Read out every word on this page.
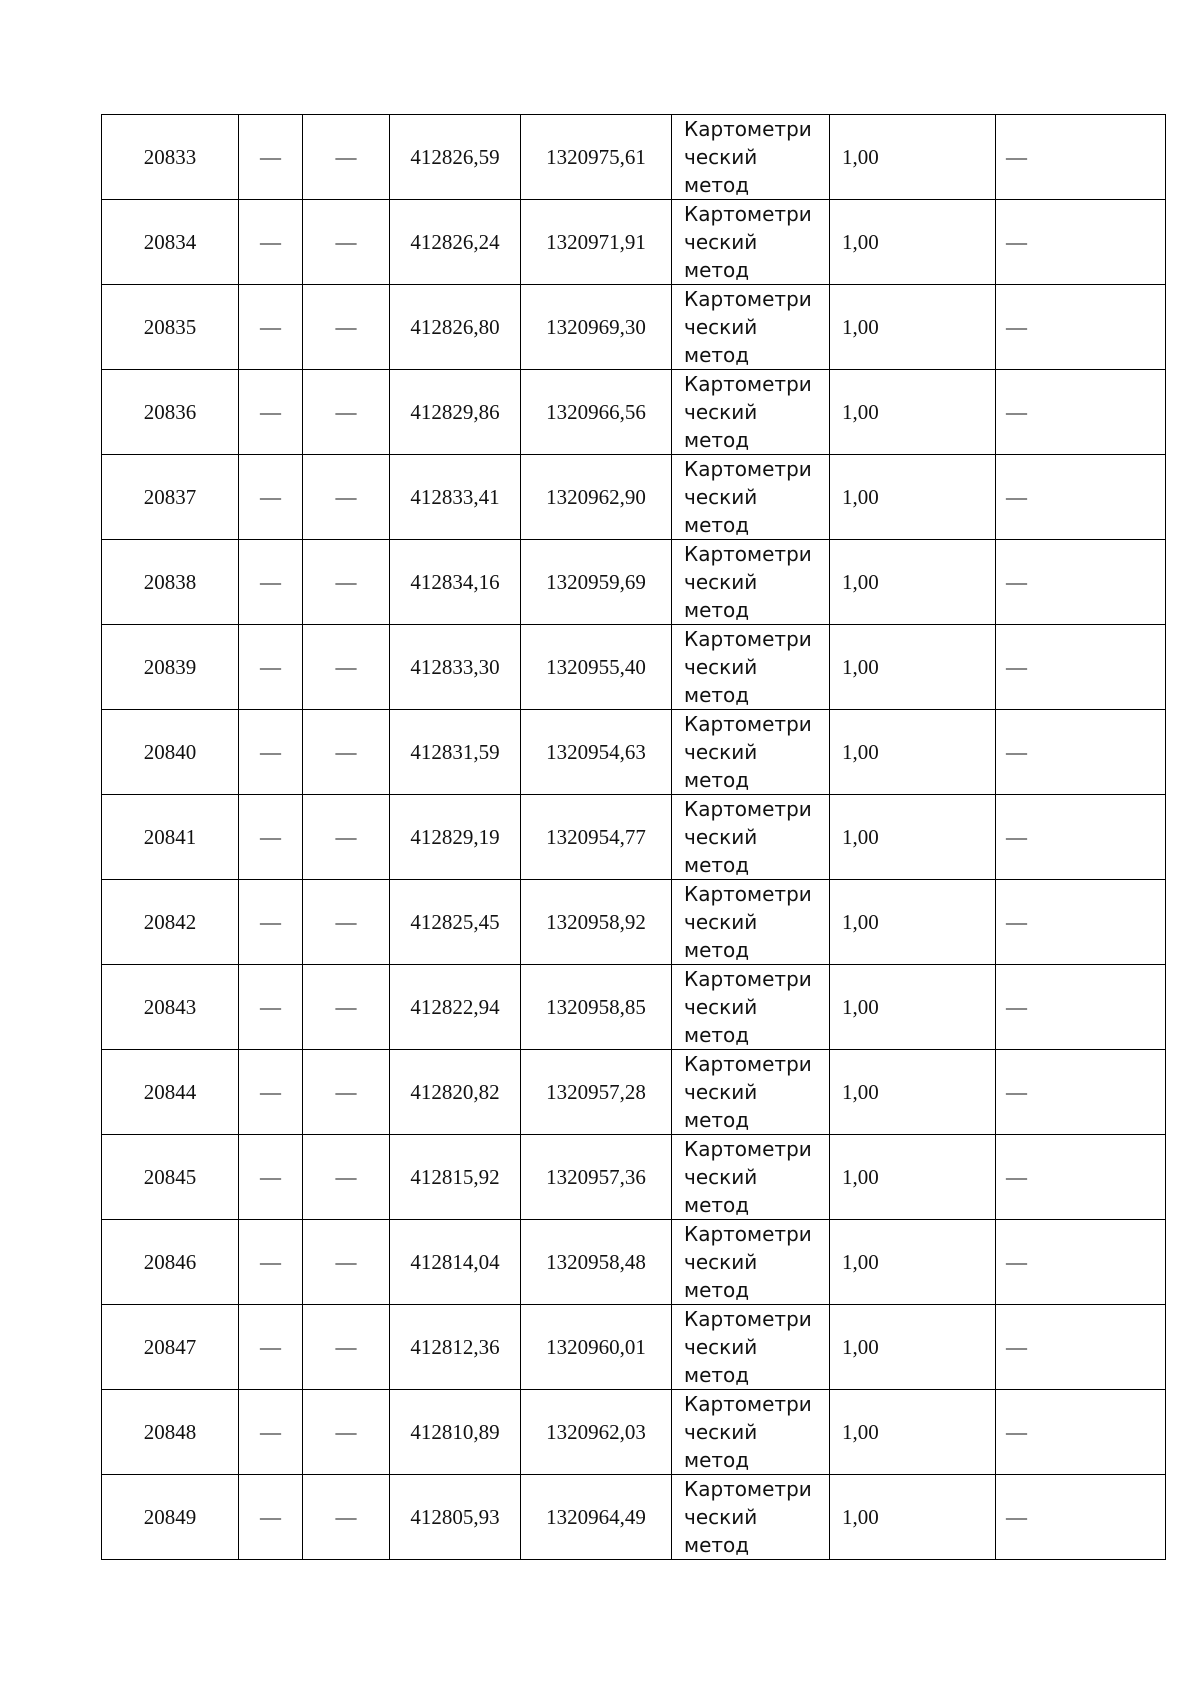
20833	—	—	412826,59	1320975,61	Картометри
ческий
метод	1,00	—
20834	—	—	412826,24	1320971,91	Картометри
ческий
метод	1,00	—
20835	—	—	412826,80	1320969,30	Картометри
ческий
метод	1,00	—
20836	—	—	412829,86	1320966,56	Картометри
ческий
метод	1,00	—
20837	—	—	412833,41	1320962,90	Картометри
ческий
метод	1,00	—
20838	—	—	412834,16	1320959,69	Картометри
ческий
метод	1,00	—
20839	—	—	412833,30	1320955,40	Картометри
ческий
метод	1,00	—
20840	—	—	412831,59	1320954,63	Картометри
ческий
метод	1,00	—
20841	—	—	412829,19	1320954,77	Картометри
ческий
метод	1,00	—
20842	—	—	412825,45	1320958,92	Картометри
ческий
метод	1,00	—
20843	—	—	412822,94	1320958,85	Картометри
ческий
метод	1,00	—
20844	—	—	412820,82	1320957,28	Картометри
ческий
метод	1,00	—
20845	—	—	412815,92	1320957,36	Картометри
ческий
метод	1,00	—
20846	—	—	412814,04	1320958,48	Картометри
ческий
метод	1,00	—
20847	—	—	412812,36	1320960,01	Картометри
ческий
метод	1,00	—
20848	—	—	412810,89	1320962,03	Картометри
ческий
метод	1,00	—
20849	—	—	412805,93	1320964,49	Картометри
ческий
метод	1,00	—
